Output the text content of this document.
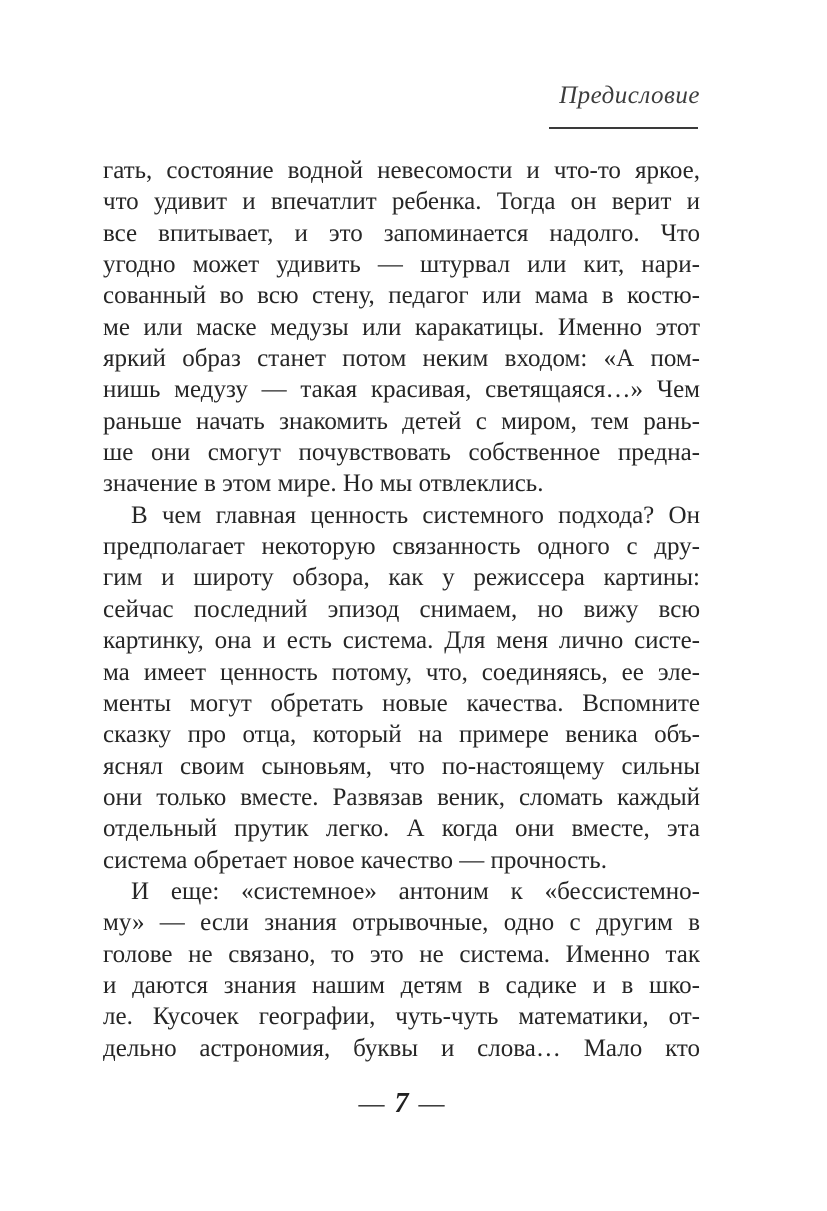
Предисловие
гать, состояние водной невесомости и что-то яркое,
что удивит и впечатлит ребенка. Тогда он верит и
все впитывает, и это запоминается надолго. Что
угодно может удивить — штурвал или кит, нари-
сованный во всю стену, педагог или мама в костю-
ме или маске медузы или каракатицы. Именно этот
яркий образ станет потом неким входом: «А пом-
нишь медузу — такая красивая, светящаяся…» Чем
раньше начать знакомить детей с миром, тем рань-
ше они смогут почувствовать собственное предна-
значение в этом мире. Но мы отвлеклись.
В чем главная ценность системного подхода? Он
предполагает некоторую связанность одного с дру-
гим и широту обзора, как у режиссера картины:
сейчас последний эпизод снимаем, но вижу всю
картинку, она и есть система. Для меня лично систе-
ма имеет ценность потому, что, соединяясь, ее эле-
менты могут обретать новые качества. Вспомните
сказку про отца, который на примере веника объ-
яснял своим сыновьям, что по-настоящему сильны
они только вместе. Развязав веник, сломать каждый
отдельный прутик легко. А когда они вместе, эта
система обретает новое качество — прочность.
И еще: «системное» антоним к «бессистемно-
му» — если знания отрывочные, одно с другим в
голове не связано, то это не система. Именно так
и даются знания нашим детям в садике и в шко-
ле. Кусочек географии, чуть-чуть математики, от-
дельно астрономия, буквы и слова… Мало кто
— 7 —
